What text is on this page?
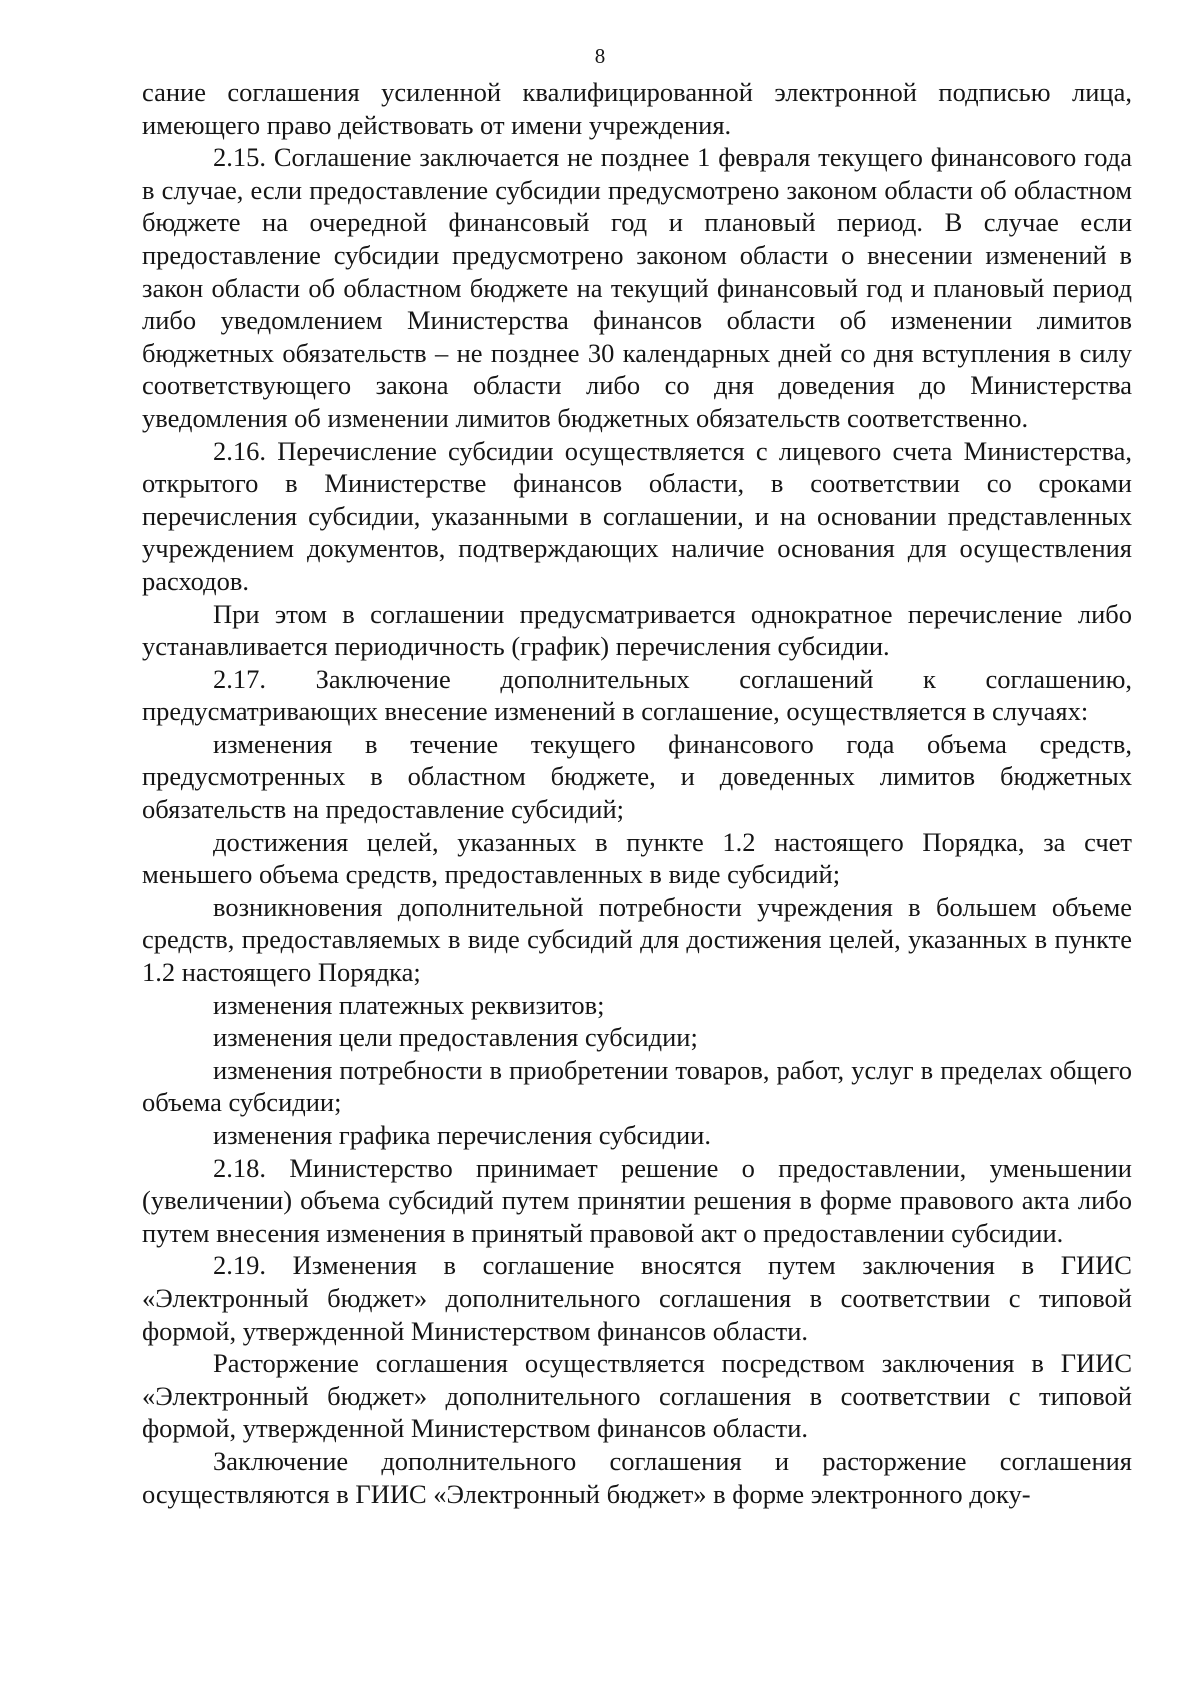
8

сание соглашения усиленной квалифицированной электронной подписью лица, имеющего право действовать от имени учреждения.

2.15. Соглашение заключается не позднее 1 февраля текущего финансового года в случае, если предоставление субсидии предусмотрено законом области об областном бюджете на очередной финансовый год и плановый период. В случае если предоставление субсидии предусмотрено законом области о внесении изменений в закон области об областном бюджете на текущий финансовый год и плановый период либо уведомлением Министерства финансов области об изменении лимитов бюджетных обязательств – не позднее 30 календарных дней со дня вступления в силу соответствующего закона области либо со дня доведения до Министерства уведомления об изменении лимитов бюджетных обязательств соответственно.

2.16. Перечисление субсидии осуществляется с лицевого счета Министерства, открытого в Министерстве финансов области, в соответствии со сроками перечисления субсидии, указанными в соглашении, и на основании представленных учреждением документов, подтверждающих наличие основания для осуществления расходов.

При этом в соглашении предусматривается однократное перечисление либо устанавливается периодичность (график) перечисления субсидии.

2.17. Заключение дополнительных соглашений к соглашению, предусматривающих внесение изменений в соглашение, осуществляется в случаях:

изменения в течение текущего финансового года объема средств, предусмотренных в областном бюджете, и доведенных лимитов бюджетных обязательств на предоставление субсидий;

достижения целей, указанных в пункте 1.2 настоящего Порядка, за счет меньшего объема средств, предоставленных в виде субсидий;

возникновения дополнительной потребности учреждения в большем объеме средств, предоставляемых в виде субсидий для достижения целей, указанных в пункте 1.2 настоящего Порядка;

изменения платежных реквизитов;

изменения цели предоставления субсидии;

изменения потребности в приобретении товаров, работ, услуг в пределах общего объема субсидии;

изменения графика перечисления субсидии.

2.18. Министерство принимает решение о предоставлении, уменьшении (увеличении) объема субсидий путем принятии решения в форме правового акта либо путем внесения изменения в принятый правовой акт о предоставлении субсидии.

2.19. Изменения в соглашение вносятся путем заключения в ГИИС «Электронный бюджет» дополнительного соглашения в соответствии с типовой формой, утвержденной Министерством финансов области.

Расторжение соглашения осуществляется посредством заключения в ГИИС «Электронный бюджет» дополнительного соглашения в соответствии с типовой формой, утвержденной Министерством финансов области.

Заключение дополнительного соглашения и расторжение соглашения осуществляются в ГИИС «Электронный бюджет» в форме электронного доку-
